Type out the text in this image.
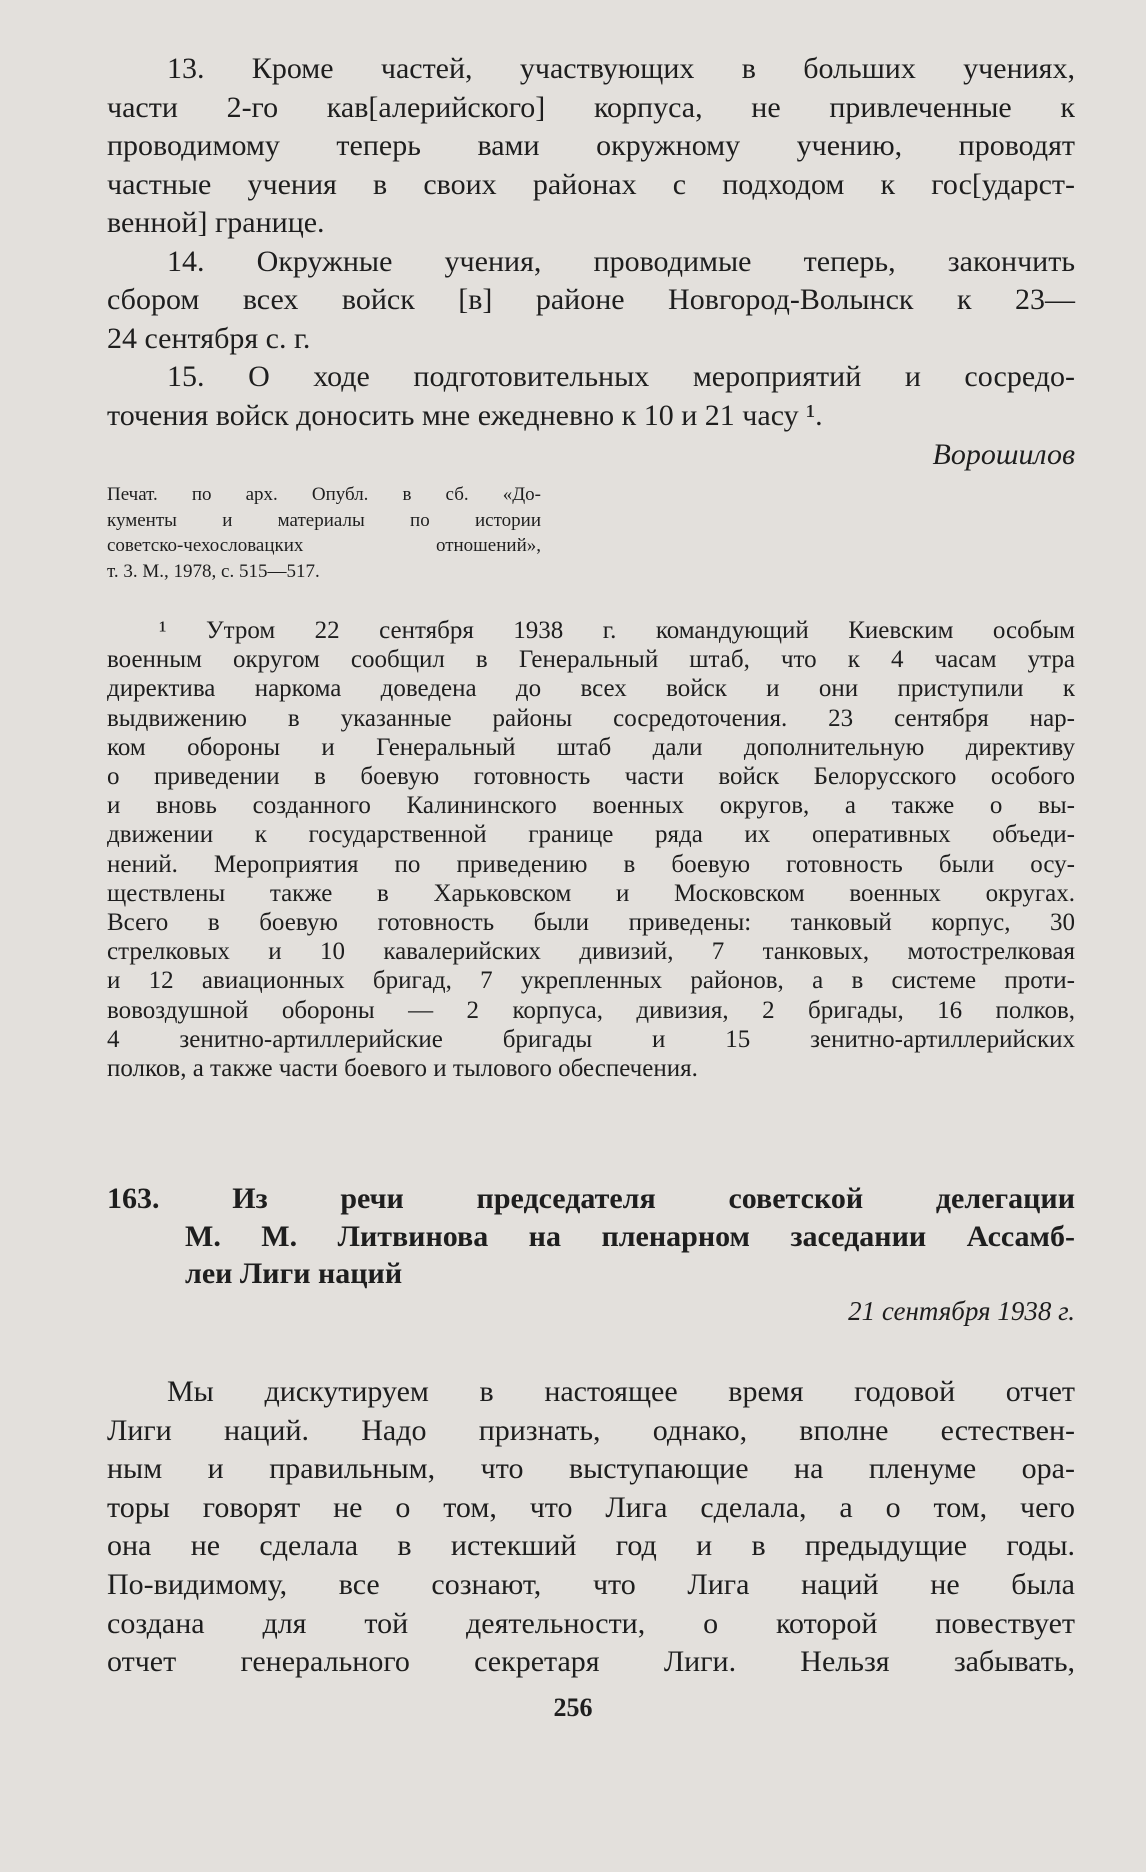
13. Кроме частей, участвующих в больших учениях,
части 2-го кав[алерийского] корпуса, не привлеченные к
проводимому теперь вами окружному учению, проводят
частные учения в своих районах с подходом к гос[ударст-
венной] границе.
14. Окружные учения, проводимые теперь, закончить
сбором всех войск [в] районе Новгород-Волынск к 23—
24 сентября с. г.
15. О ходе подготовительных мероприятий и сосредо-
точения войск доносить мне ежедневно к 10 и 21 часу ¹.
Ворошилов
Печат. по арх. Опубл. в сб. «До-
кументы и материалы по истории
советско-чехословацких отношений»,
т. 3. М., 1978, с. 515—517.
¹ Утром 22 сентября 1938 г. командующий Киевским особым
военным округом сообщил в Генеральный штаб, что к 4 часам утра
директива наркома доведена до всех войск и они приступили к
выдвижению в указанные районы сосредоточения. 23 сентября нар-
ком обороны и Генеральный штаб дали дополнительную директиву
о приведении в боевую готовность части войск Белорусского особого
и вновь созданного Калининского военных округов, а также о вы-
движении к государственной границе ряда их оперативных объеди-
нений. Мероприятия по приведению в боевую готовность были осу-
ществлены также в Харьковском и Московском военных округах.
Всего в боевую готовность были приведены: танковый корпус, 30
стрелковых и 10 кавалерийских дивизий, 7 танковых, мотострелковая
и 12 авиационных бригад, 7 укрепленных районов, а в системе проти-
вовоздушной обороны — 2 корпуса, дивизия, 2 бригады, 16 полков,
4 зенитно-артиллерийские бригады и 15 зенитно-артиллерийских
полков, а также части боевого и тылового обеспечения.
163. Из речи председателя советской делегации
М. М. Литвинова на пленарном заседании Ассамб-
леи Лиги наций
21 сентября 1938 г.
Мы дискутируем в настоящее время годовой отчет
Лиги наций. Надо признать, однако, вполне естествен-
ным и правильным, что выступающие на пленуме ора-
торы говорят не о том, что Лига сделала, а о том, чего
она не сделала в истекший год и в предыдущие годы.
По-видимому, все сознают, что Лига наций не была
создана для той деятельности, о которой повествует
отчет генерального секретаря Лиги. Нельзя забывать,
256
